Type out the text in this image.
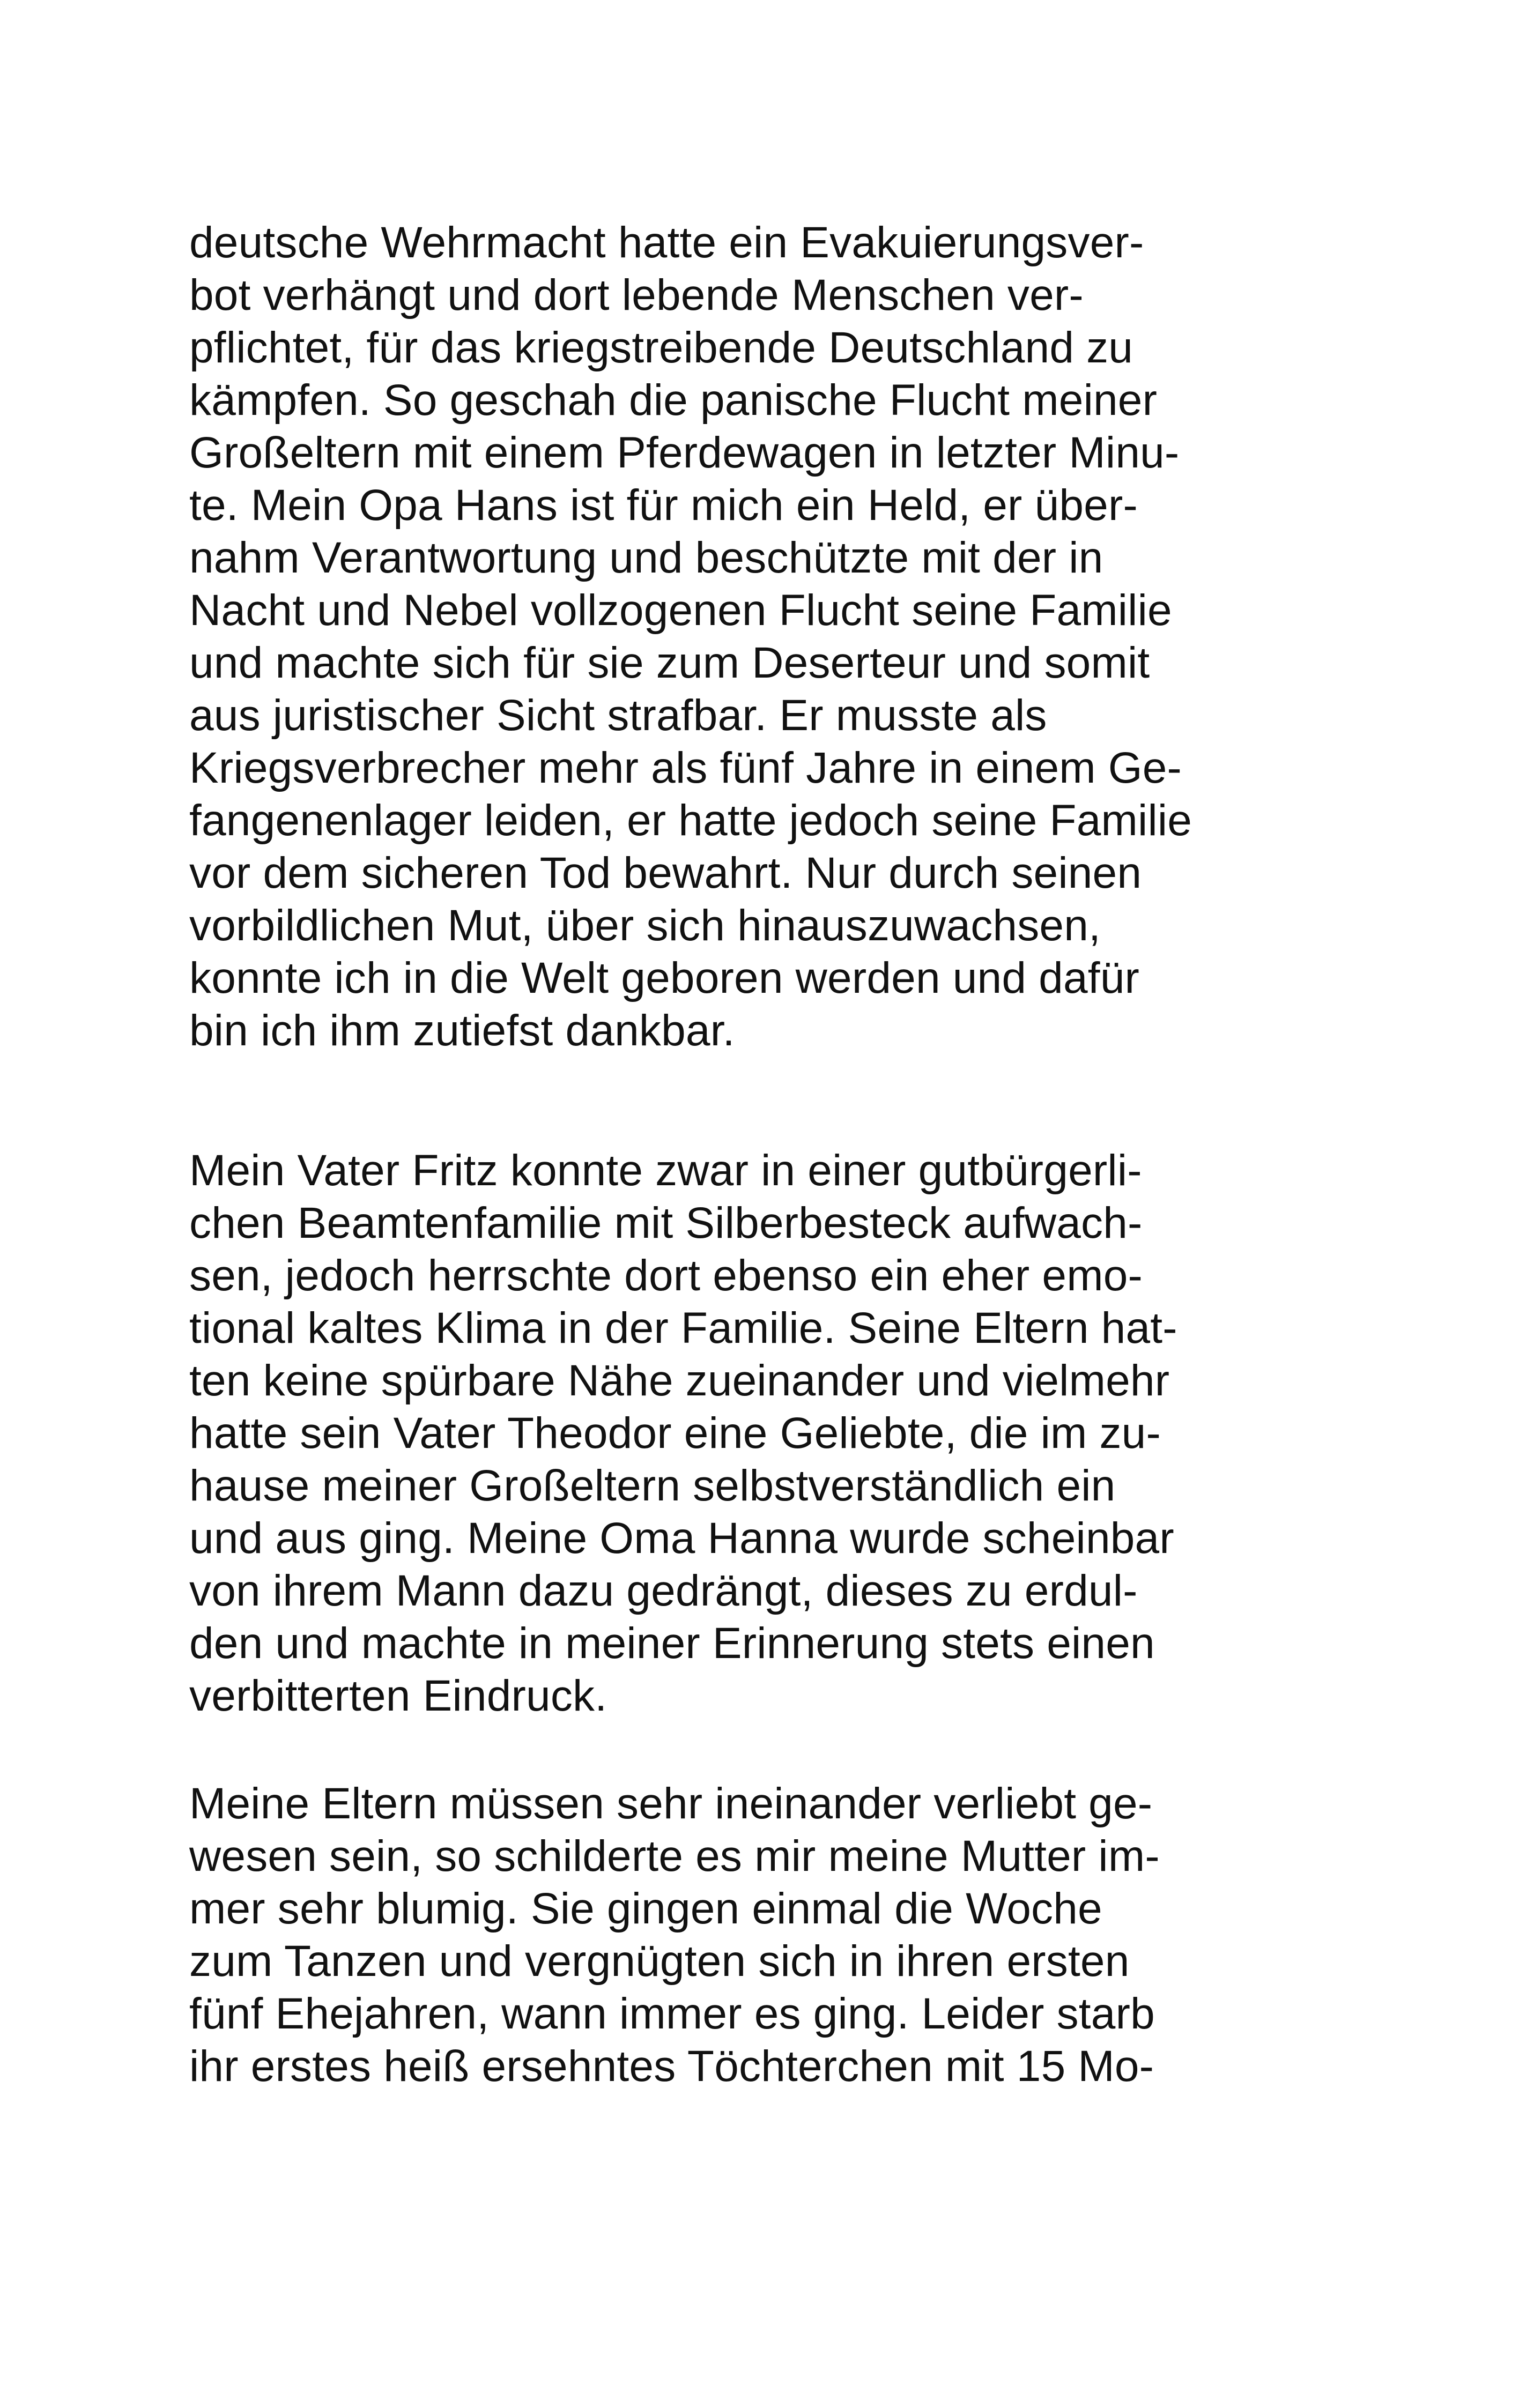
deutsche Wehrmacht hatte ein Evakuierungsver-
bot verhängt und dort lebende Menschen ver-
pflichtet, für das kriegstreibende Deutschland zu
kämpfen. So geschah die panische Flucht meiner
Großeltern mit einem Pferdewagen in letzter Minu-
te. Mein Opa Hans ist für mich ein Held, er über-
nahm Verantwortung und beschützte mit der in
Nacht und Nebel vollzogenen Flucht seine Familie
und machte sich für sie zum Deserteur und somit
aus juristischer Sicht strafbar. Er musste als
Kriegsverbrecher mehr als fünf Jahre in einem Ge-
fangenenlager leiden, er hatte jedoch seine Familie
vor dem sicheren Tod bewahrt. Nur durch seinen
vorbildlichen Mut, über sich hinauszuwachsen,
konnte ich in die Welt geboren werden und dafür
bin ich ihm zutiefst dankbar.
Mein Vater Fritz konnte zwar in einer gutbürgerli-
chen Beamtenfamilie mit Silberbesteck aufwach-
sen, jedoch herrschte dort ebenso ein eher emo-
tional kaltes Klima in der Familie. Seine Eltern hat-
ten keine spürbare Nähe zueinander und vielmehr
hatte sein Vater Theodor eine Geliebte, die im zu-
hause meiner Großeltern selbstverständlich ein
und aus ging. Meine Oma Hanna wurde scheinbar
von ihrem Mann dazu gedrängt, dieses zu erdul-
den und machte in meiner Erinnerung stets einen
verbitterten Eindruck.
Meine Eltern müssen sehr ineinander verliebt ge-
wesen sein, so schilderte es mir meine Mutter im-
mer sehr blumig. Sie gingen einmal die Woche
zum Tanzen und vergnügten sich in ihren ersten
fünf Ehejahren, wann immer es ging. Leider starb
ihr erstes heiß ersehntes Töchterchen mit 15 Mo-
